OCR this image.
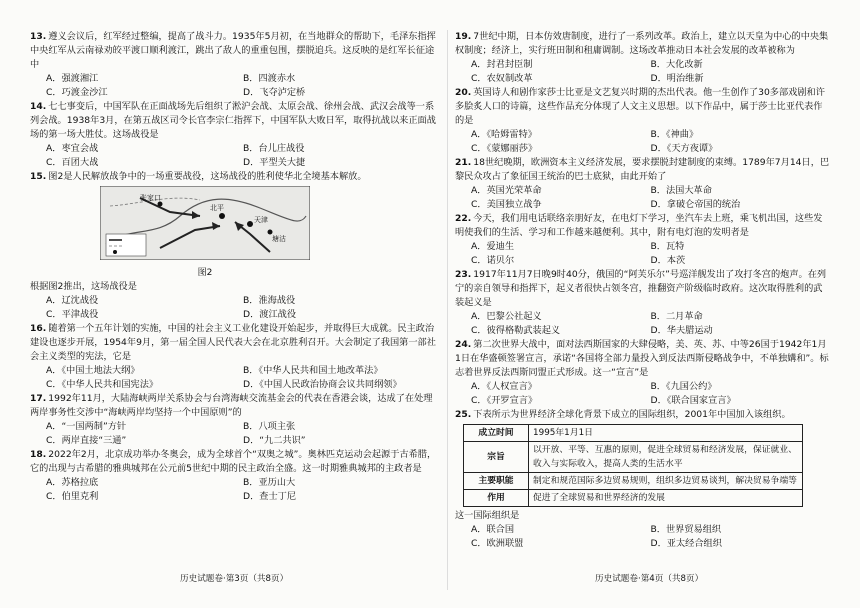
13. 遵义会议后，红军经过整编，提高了战斗力。1935年5月初，在当地群众的帮助下，毛泽东指挥中央红军从云南禄劝皎平渡口顺利渡江，跳出了敌人的重重包围，摆脱追兵。这反映的是红军长征途中
A．强渡湘江	B．四渡赤水
C．巧渡金沙江	D．飞夺泸定桥
14. 七七事变后，中国军队在正面战场先后组织了淞沪会战、太原会战、徐州会战、武汉会战等一系列会战。1938年3月，在第五战区司令长官李宗仁指挥下，中国军队大败日军，取得抗战以来正面战场的第一场大胜仗。这场战役是
A．枣宜会战	B．台儿庄战役
C．百团大战	D．平型关大捷
15. 图2是人民解放战争中的一场重要战役，这场战役的胜利使华北全境基本解放。
北平
天津
张家口
塘沽
图2
根据图2推出，这场战役是
A．辽沈战役	B．淮海战役
C．平津战役	D．渡江战役
16. 随着第一个五年计划的实施，中国的社会主义工业化建设开始起步，并取得巨大成就。民主政治建设也逐步开展，1954年9月，第一届全国人民代表大会在北京胜利召开。大会制定了我国第一部社会主义类型的宪法，它是
A．《中国土地法大纲》	B．《中华人民共和国土地改革法》
C．《中华人民共和国宪法》	D．《中国人民政治协商会议共同纲领》
17. 1992年11月，大陆海峡两岸关系协会与台湾海峡交流基金会的代表在香港会谈，达成了在处理两岸事务性交涉中“海峡两岸均坚持一个中国原则”的
A．“一国两制”方针	B．八项主张
C．两岸直接“三通”	D．“九二共识”
18. 2022年2月，北京成功举办冬奥会，成为全球首个“双奥之城”。奥林匹克运动会起源于古希腊，它的出现与古希腊的雅典城邦在公元前5世纪中期的民主政治全盛。这一时期雅典城邦的主政者是
A．苏格拉底	B．亚历山大
C．伯里克利	D．查士丁尼
历史试题卷·第3页（共8页）
19. 7世纪中期，日本仿效唐制度，进行了一系列改革。政治上，建立以天皇为中心的中央集权制度；经济上，实行班田制和租庸调制。这场改革推动日本社会发展的改革被称为
A．封君封臣制	B．大化改新
C．农奴制改革	D．明治维新
20. 英国诗人和剧作家莎士比亚是文艺复兴时期的杰出代表。他一生创作了30多部戏剧和许多脍炙人口的诗篇，这些作品充分体现了人文主义思想。以下作品中，属于莎士比亚代表作的是
A．《哈姆雷特》	B．《神曲》
C．《蒙娜丽莎》	D．《天方夜谭》
21. 18世纪晚期，欧洲资本主义经济发展，要求摆脱封建制度的束缚。1789年7月14日，巴黎民众攻占了象征国王统治的巴士底狱，由此开始了
A．英国光荣革命	B．法国大革命
C．美国独立战争	D．拿破仑帝国的统治
22. 今天，我们用电话联络亲朋好友，在电灯下学习，坐汽车去上班，乘飞机出国，这些发明使我们的生活、学习和工作越来越便利。其中，附有电灯泡的发明者是
A．爱迪生	B．瓦特
C．诺贝尔	D．本茨
23. 1917年11月7日晚9时40分，俄国的“阿芙乐尔”号巡洋舰发出了攻打冬宫的炮声。在列宁的亲自领导和指挥下，起义者很快占领冬宫，推翻资产阶级临时政府。这次取得胜利的武装起义是
A．巴黎公社起义	B．二月革命
C．彼得格勒武装起义	D．华夫腊运动
24. 第二次世界大战中，面对法西斯国家的大肆侵略，美、英、苏、中等26国于1942年1月1日在华盛顿签署宣言，承诺“各国将全部力量投入到反法西斯侵略战争中，不单独媾和”。标志着世界反法西斯同盟正式形成。这一“宣言”是
A．《人权宣言》	B．《九国公约》
C．《开罗宣言》	D．《联合国家宣言》
25. 下表所示为世界经济全球化背景下成立的国际组织，2001年中国加入该组织。
成立时间	1995年1月1日
宗旨	以开放、平等、互惠的原则，促进全球贸易和经济发展，保证就业、收入与实际收入，提高人类的生活水平
主要职能	制定和规范国际多边贸易规则，组织多边贸易谈判，解决贸易争端等
作用	促进了全球贸易和世界经济的发展
这一国际组织是
A．联合国	B．世界贸易组织
C．欧洲联盟	D．亚太经合组织
历史试题卷·第4页（共8页）
